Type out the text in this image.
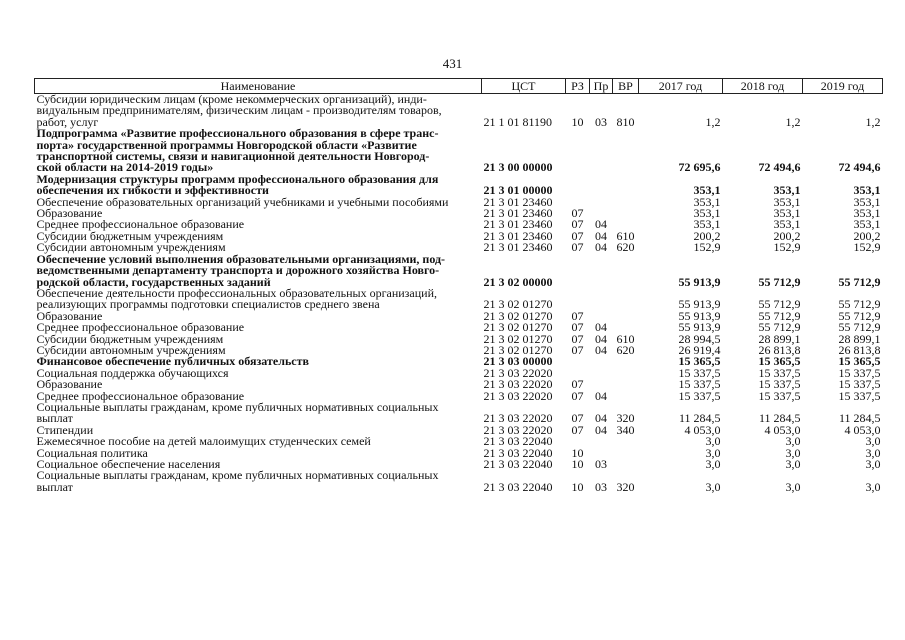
431
Наименование	ЦСТ	РЗ	Пр	ВР	2017 год	2018 год	2019 год

Субсидии юридическим лицам (кроме некоммерческих организаций), инди-
видуальным предпринимателям, физическим лицам - производителям товаров,
работ, услуг	21 1 01 81190	10	03	810	1,2	1,2	1,2

Подпрограмма «Развитие профессионального образования в сфере транс-
порта» государственной программы Новгородской области «Развитие
транспортной системы, связи и навигационной деятельности Новгород-
ской области на 2014-2019 годы»	21 3 00 00000				72 695,6	72 494,6	72 494,6

Модернизация структуры программ профессионального образования для
обеспечения их гибкости и эффективности	21 3 01 00000				353,1	353,1	353,1

Обеспечение образовательных организаций учебниками и учебными пособиями	21 3 01 23460				353,1	353,1	353,1

Образование	21 3 01 23460	07			353,1	353,1	353,1

Среднее профессиональное образование	21 3 01 23460	07	04		353,1	353,1	353,1

Субсидии бюджетным учреждениям	21 3 01 23460	07	04	610	200,2	200,2	200,2

Субсидии автономным учреждениям	21 3 01 23460	07	04	620	152,9	152,9	152,9

Обеспечение условий выполнения образовательными организациями, под-
ведомственными департаменту транспорта и дорожного хозяйства Новго-
родской области, государственных заданий	21 3 02 00000				55 913,9	55 712,9	55 712,9

Обеспечение деятельности профессиональных образовательных организаций,
реализующих программы подготовки специалистов среднего звена	21 3 02 01270				55 913,9	55 712,9	55 712,9

Образование	21 3 02 01270	07			55 913,9	55 712,9	55 712,9

Среднее профессиональное образование	21 3 02 01270	07	04		55 913,9	55 712,9	55 712,9

Субсидии бюджетным учреждениям	21 3 02 01270	07	04	610	28 994,5	28 899,1	28 899,1

Субсидии автономным учреждениям	21 3 02 01270	07	04	620	26 919,4	26 813,8	26 813,8

Финансовое обеспечение публичных обязательств	21 3 03 00000				15 365,5	15 365,5	15 365,5

Социальная поддержка обучающихся	21 3 03 22020				15 337,5	15 337,5	15 337,5

Образование	21 3 03 22020	07			15 337,5	15 337,5	15 337,5

Среднее профессиональное образование	21 3 03 22020	07	04		15 337,5	15 337,5	15 337,5

Социальные выплаты гражданам, кроме публичных нормативных социальных
выплат	21 3 03 22020	07	04	320	11 284,5	11 284,5	11 284,5

Стипендии	21 3 03 22020	07	04	340	4 053,0	4 053,0	4 053,0

Ежемесячное пособие на детей малоимущих студенческих семей	21 3 03 22040				3,0	3,0	3,0

Социальная политика	21 3 03 22040	10			3,0	3,0	3,0

Социальное обеспечение населения	21 3 03 22040	10	03		3,0	3,0	3,0

Социальные выплаты гражданам, кроме публичных нормативных социальных
выплат	21 3 03 22040	10	03	320	3,0	3,0	3,0
